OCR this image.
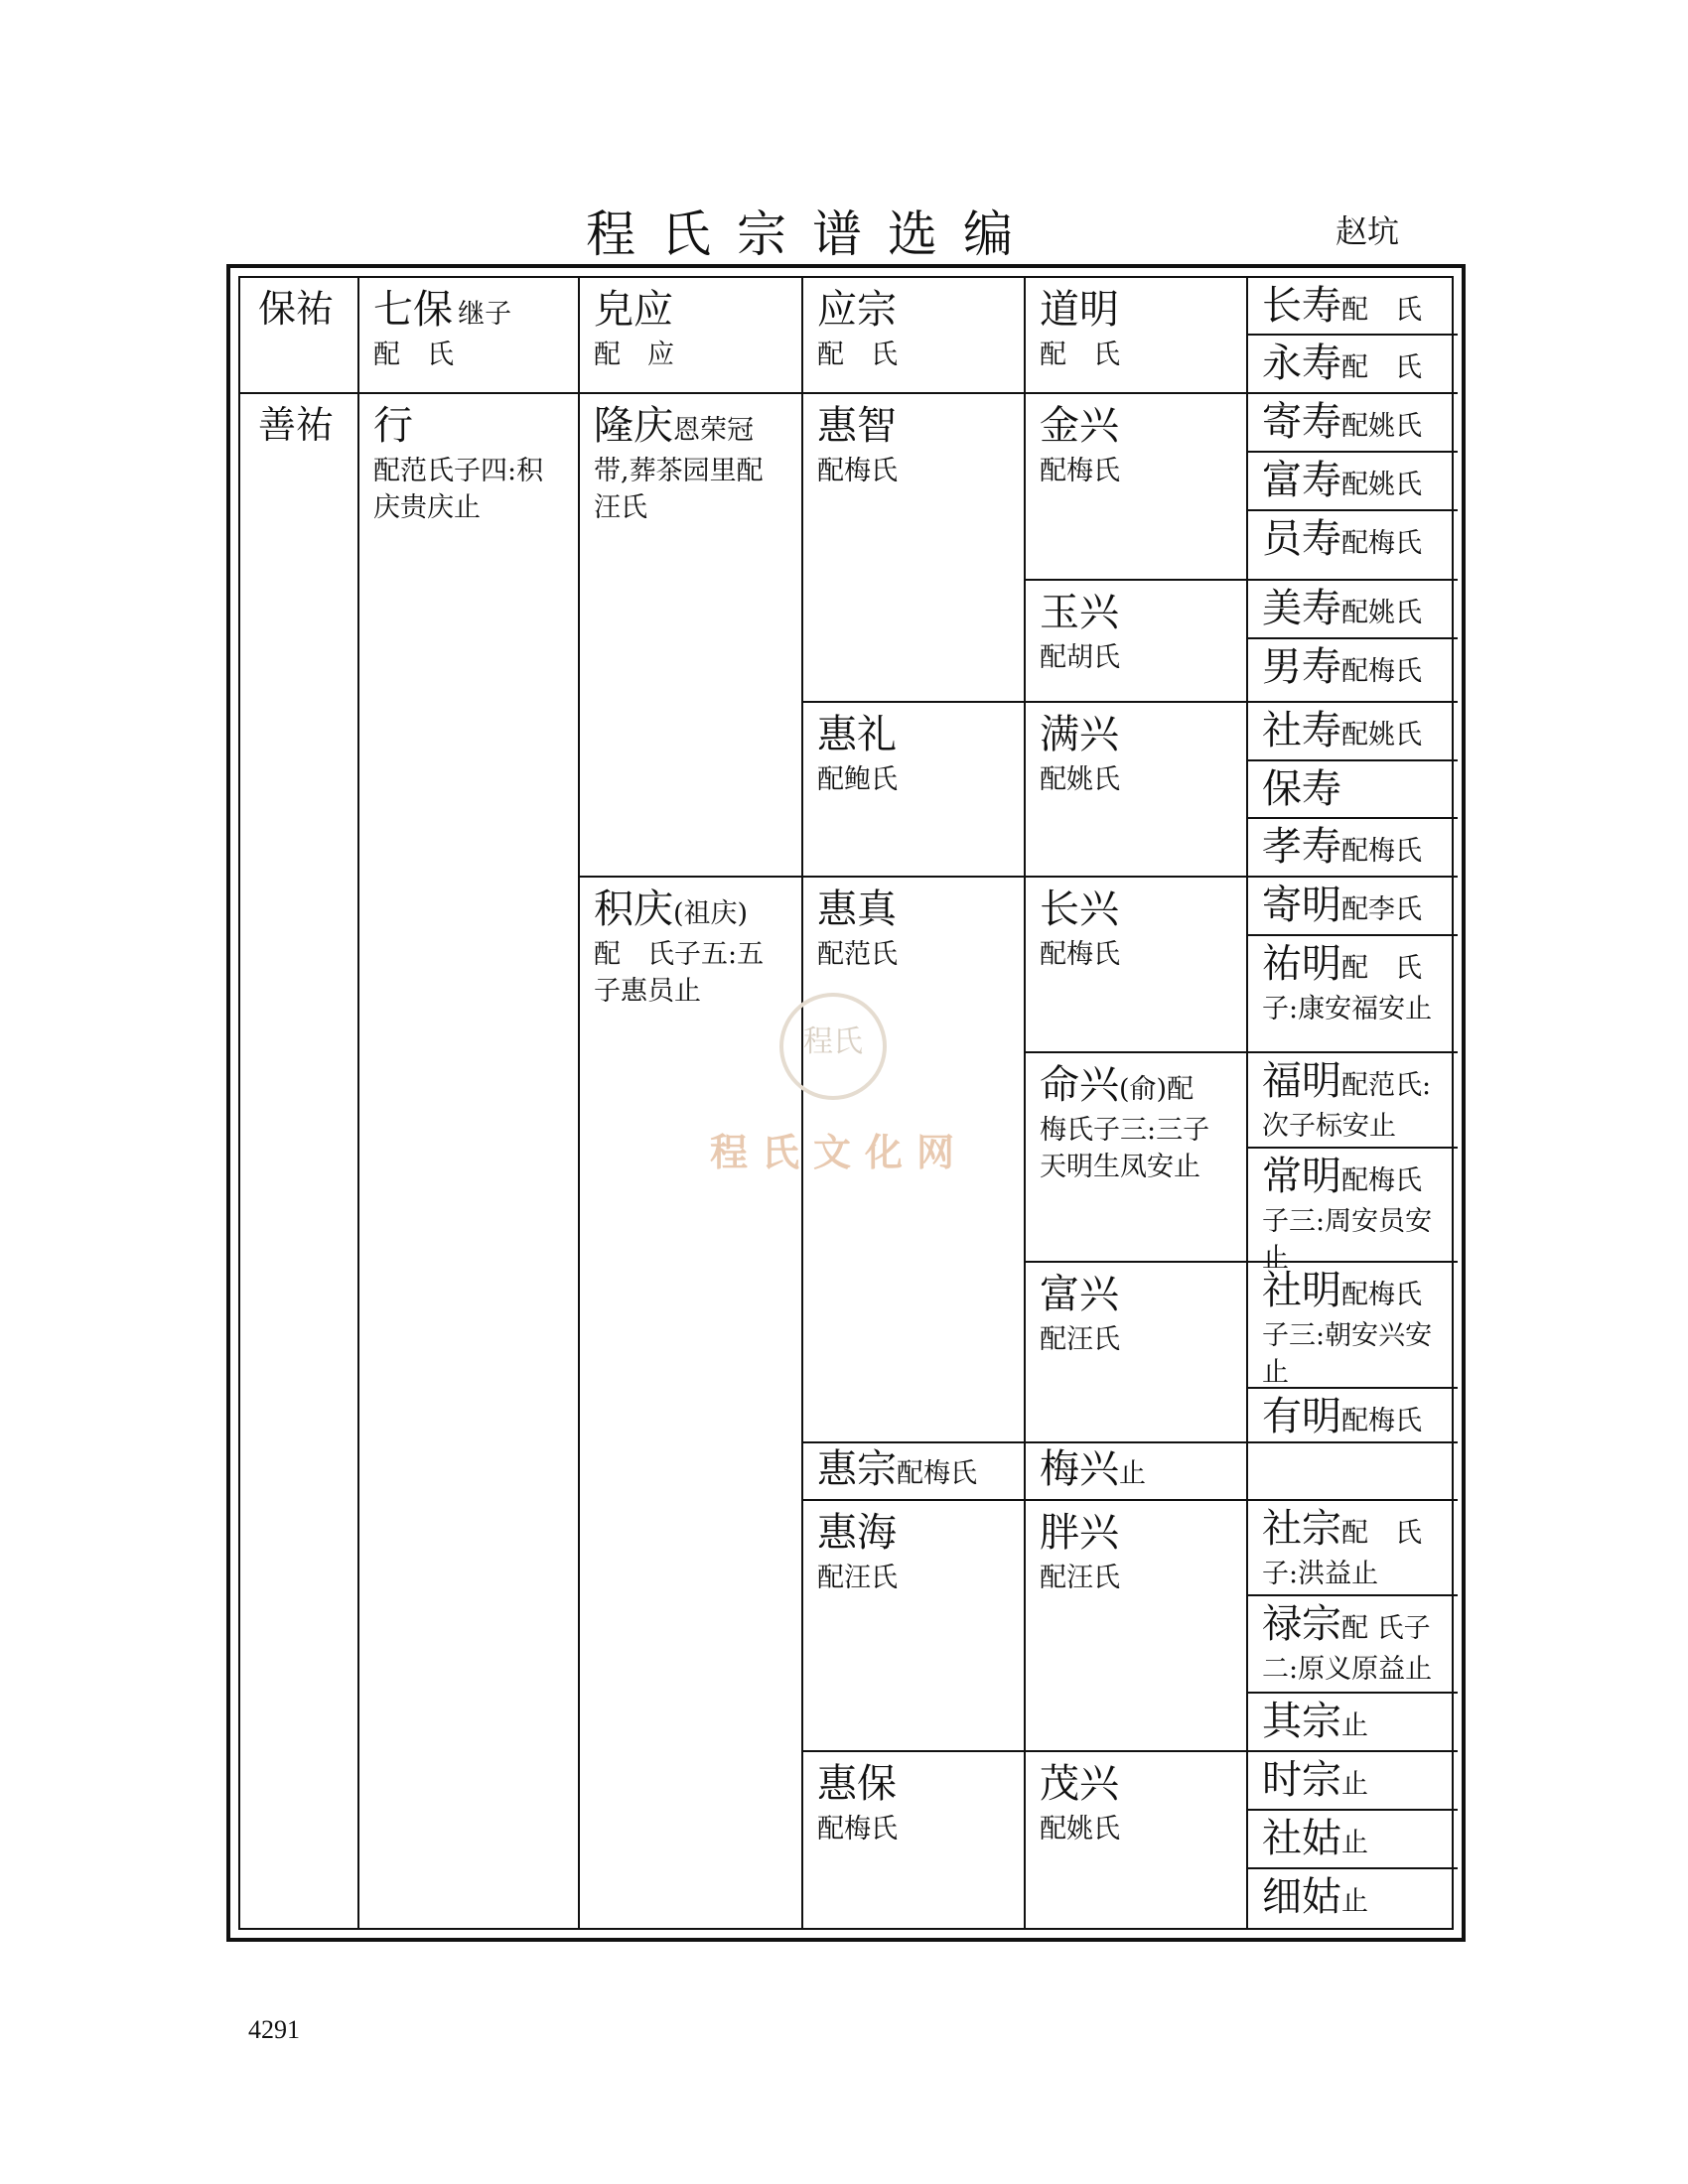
程氏宗谱选编	赵坑
保祐 七保 继子
配　氏
皃应
配　应
应宗
配　氏
道明
配　氏
长寿配　氏
永寿配　氏
善祐 行
配范氏子四:积庆贵庆止
隆庆恩荣冠
带,葬茶园里配汪氏
积庆(祖庆)
配　氏子五:五子惠员止
惠智
配梅氏
惠礼
配鲍氏
惠真
配范氏
惠宗配梅氏
惠海
配汪氏
惠保
配梅氏
金兴
配梅氏
玉兴
配胡氏
满兴
配姚氏
长兴
配梅氏
命兴(俞)配
梅氏子三:三子天明生凤安止
富兴
配汪氏
梅兴止
胖兴
配汪氏
茂兴
配姚氏
寄寿配姚氏
富寿配姚氏
员寿配梅氏
美寿配姚氏
男寿配梅氏
社寿配姚氏
保寿
孝寿配梅氏
寄明配李氏
祐明配　氏
子:康安福安止
福明配范氏:
次子标安止
常明配梅氏
子三:周安员安止
社明配梅氏
子三:朝安兴安止
有明配梅氏
社宗配　氏
子:洪益止
禄宗配 氏子
二:原义原益止
其宗止
时宗止
社姑止
细姑止
程氏
程氏文化网
4291
